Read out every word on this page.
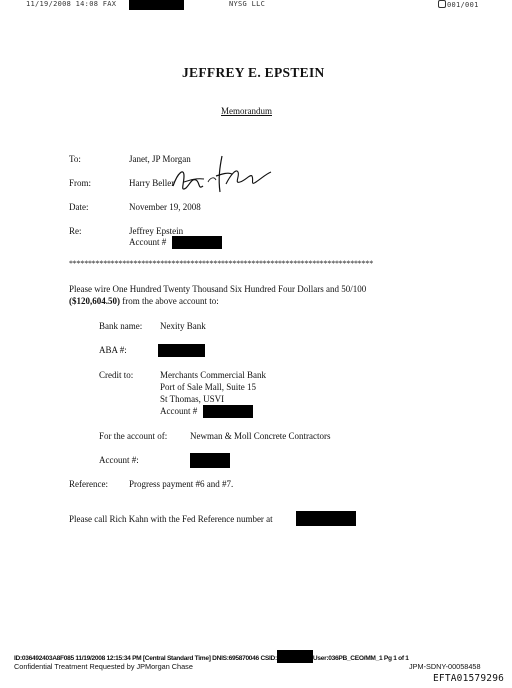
11/19/2008 14:08 FAX	NYSG LLC	001/001
JEFFREY E. EPSTEIN
Memorandum
To:	Janet, JP Morgan
From:	Harry Beller
Date:	November 19, 2008
Re:	Jeffrey Epstein
Account #
********************************************************************************
Please wire One Hundred Twenty Thousand Six Hundred Four Dollars and 50/100
($120,604.50) from the above account to:
Bank name: Nexity Bank
ABA #:
Credit to:	Merchants Commercial Bank
Port of Sale Mall, Suite 15
St Thomas, USVI
Account #
For the account of:	Newman & Moll Concrete Contractors
Account #:
Reference: Progress payment #6 and #7.
Please call Rich Kahn with the Fed Reference number at
ID:036492403A8F085 11/19/2008 12:15:34 PM [Central Standard Time] DNIS:695870046 CSID:	User:036PB_CEO/MM_1 Pg 1 of 1
Confidential Treatment Requested by JPMorgan Chase	JPM-SDNY-00058458
EFTA01579296
